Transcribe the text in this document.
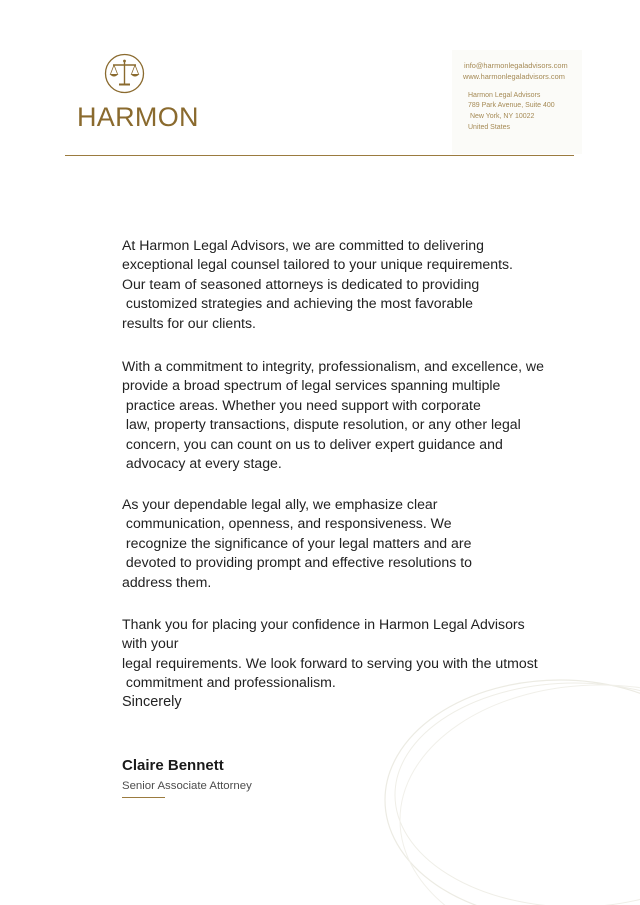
HARMON
info@harmonlegaladvisors.com
www.harmonlegaladvisors.com
Harmon Legal Advisors
789 Park Avenue, Suite 400
New York, NY 10022
United States
At Harmon Legal Advisors, we are committed to delivering
exceptional legal counsel tailored to your unique requirements.
Our team of seasoned attorneys is dedicated to providing
customized strategies and achieving the most favorable
results for our clients.
With a commitment to integrity, professionalism, and excellence, we
provide a broad spectrum of legal services spanning multiple
practice areas. Whether you need support with corporate
law, property transactions, dispute resolution, or any other legal
concern, you can count on us to deliver expert guidance and
advocacy at every stage.
As your dependable legal ally, we emphasize clear
communication, openness, and responsiveness. We
recognize the significance of your legal matters and are
devoted to providing prompt and effective resolutions to
address them.
Thank you for placing your confidence in Harmon Legal Advisors
with your
legal requirements. We look forward to serving you with the utmost
commitment and professionalism.
Sincerely
Claire Bennett
Senior Associate Attorney
